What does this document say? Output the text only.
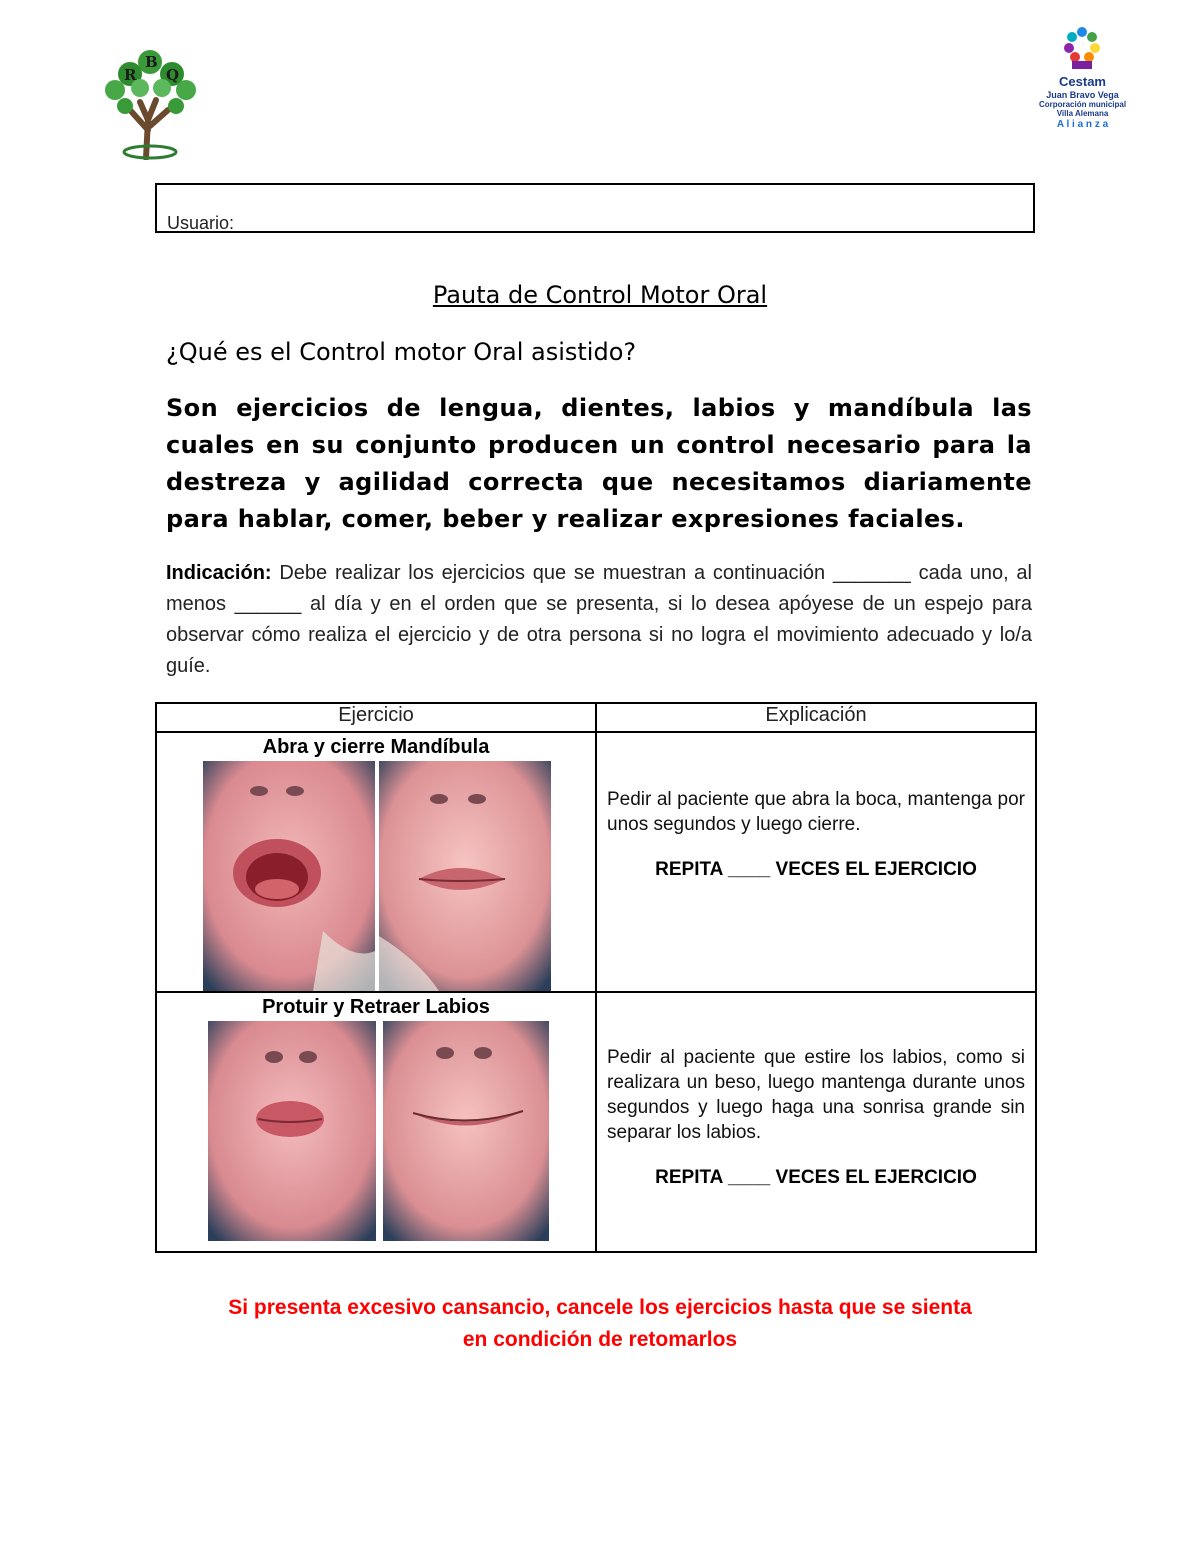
R
B
Q	Cestam
Juan Bravo Vega
Corporación municipal
Villa Alemana
A l i a n z a
Usuario:
Pauta de Control Motor Oral
¿Qué es el Control motor Oral asistido?
Son ejercicios de lengua, dientes, labios y mandíbula las cuales en su conjunto producen un control necesario para la destreza y agilidad correcta que necesitamos diariamente para hablar, comer, beber y realizar expresiones faciales.
Indicación: Debe realizar los ejercicios que se muestran a continuación _______ cada uno, al menos ______ al día y en el orden que se presenta, si lo desea apóyese de un espejo para observar cómo realiza el ejercicio y de otra persona si no logra el movimiento adecuado y lo/a guíe.
Ejercicio	Explicación

Abra y cierre Mandíbula	Pedir al paciente que abra la boca, mantenga por unos segundos y luego cierre.
REPITA ____ VECES EL EJERCICIO

Protuir y Retraer Labios	Pedir al paciente que estire los labios, como si realizara un beso, luego mantenga durante unos segundos y luego haga una sonrisa grande sin separar los labios.
REPITA ____ VECES EL EJERCICIO
Si presenta excesivo cansancio, cancele los ejercicios hasta que se sienta
en condición de retomarlos
